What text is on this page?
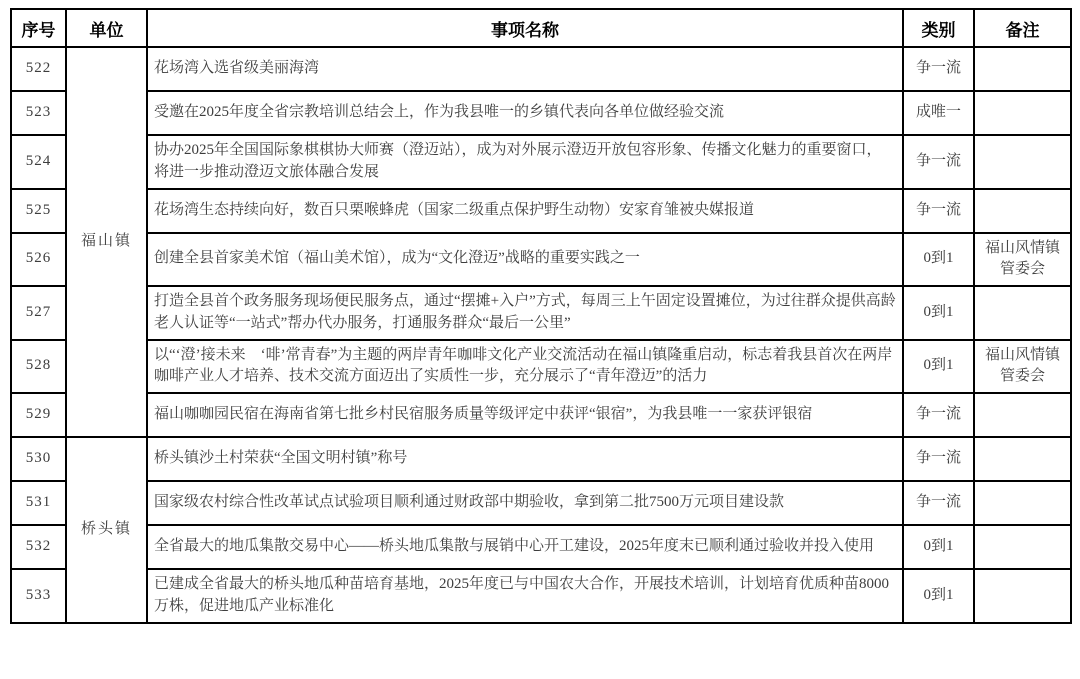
序号	单位	事项名称	类别	备注
522	福山镇	花场湾入选省级美丽海湾	争一流	
523		受邀在2025年度全省宗教培训总结会上，作为我县唯一的乡镇代表向各单位做经验交流	成唯一	
524		协办2025年全国国际象棋棋协大师赛（澄迈站），成为对外展示澄迈开放包容形象、传播文化魅力的重要窗口，将进一步推动澄迈文旅体融合发展	争一流	
525		花场湾生态持续向好，数百只栗喉蜂虎（国家二级重点保护野生动物）安家育雏被央媒报道	争一流	
526		创建全县首家美术馆（福山美术馆），成为“文化澄迈”战略的重要实践之一	0到1	福山风情镇管委会
527		打造全县首个政务服务现场便民服务点，通过“摆摊+入户”方式，每周三上午固定设置摊位，为过往群众提供高龄老人认证等“一站式”帮办代办服务，打通服务群众“最后一公里”	0到1	
528		以“‘澄’接未来　‘啡’常青春”为主题的两岸青年咖啡文化产业交流活动在福山镇隆重启动，标志着我县首次在两岸咖啡产业人才培养、技术交流方面迈出了实质性一步，充分展示了“青年澄迈”的活力	0到1	福山风情镇管委会
529		福山咖咖园民宿在海南省第七批乡村民宿服务质量等级评定中获评“银宿”，为我县唯一一家获评银宿	争一流	
530	桥头镇	桥头镇沙土村荣获“全国文明村镇”称号	争一流	
531		国家级农村综合性改革试点试验项目顺利通过财政部中期验收，拿到第二批7500万元项目建设款	争一流	
532		全省最大的地瓜集散交易中心——桥头地瓜集散与展销中心开工建设，2025年度末已顺利通过验收并投入使用	0到1	
533		已建成全省最大的桥头地瓜种苗培育基地，2025年度已与中国农大合作，开展技术培训，计划培育优质种苗8000万株，促进地瓜产业标准化	0到1	
